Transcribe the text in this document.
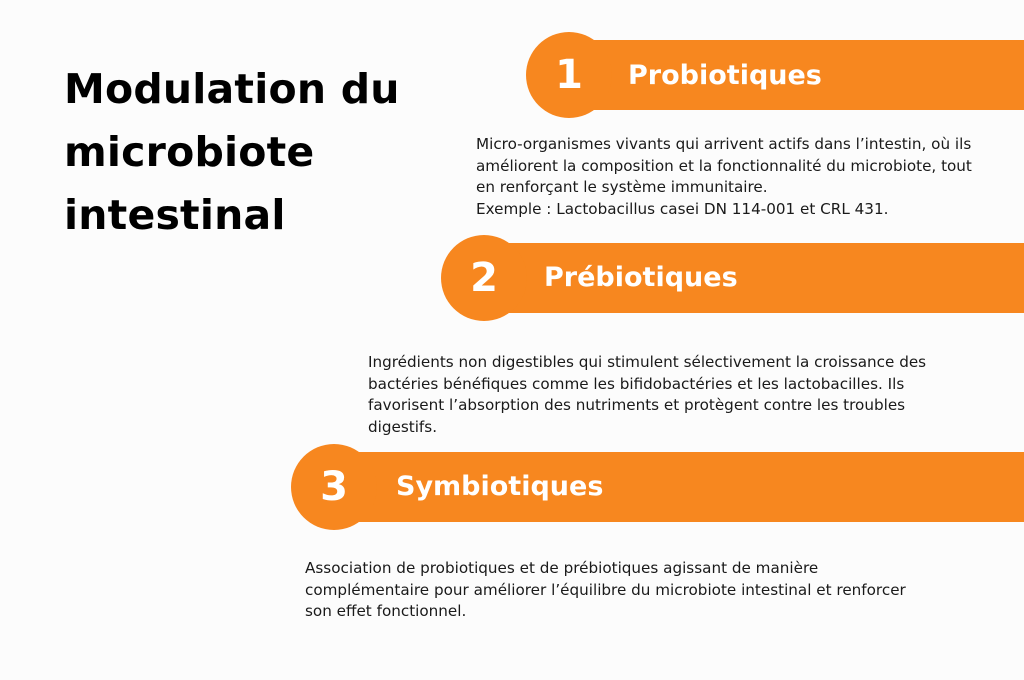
Modulation du
microbiote
intestinal
1	Probiotiques
Micro-organismes vivants qui arrivent actifs dans l’intestin, où ils
améliorent la composition et la fonctionnalité du microbiote, tout
en renforçant le système immunitaire.
Exemple : Lactobacillus casei DN 114-001 et CRL 431.
2	Prébiotiques
Ingrédients non digestibles qui stimulent sélectivement la croissance des
bactéries bénéfiques comme les bifidobactéries et les lactobacilles. Ils
favorisent l’absorption des nutriments et protègent contre les troubles
digestifs.
3	Symbiotiques
Association de probiotiques et de prébiotiques agissant de manière
complémentaire pour améliorer l’équilibre du microbiote intestinal et renforcer
son effet fonctionnel.
